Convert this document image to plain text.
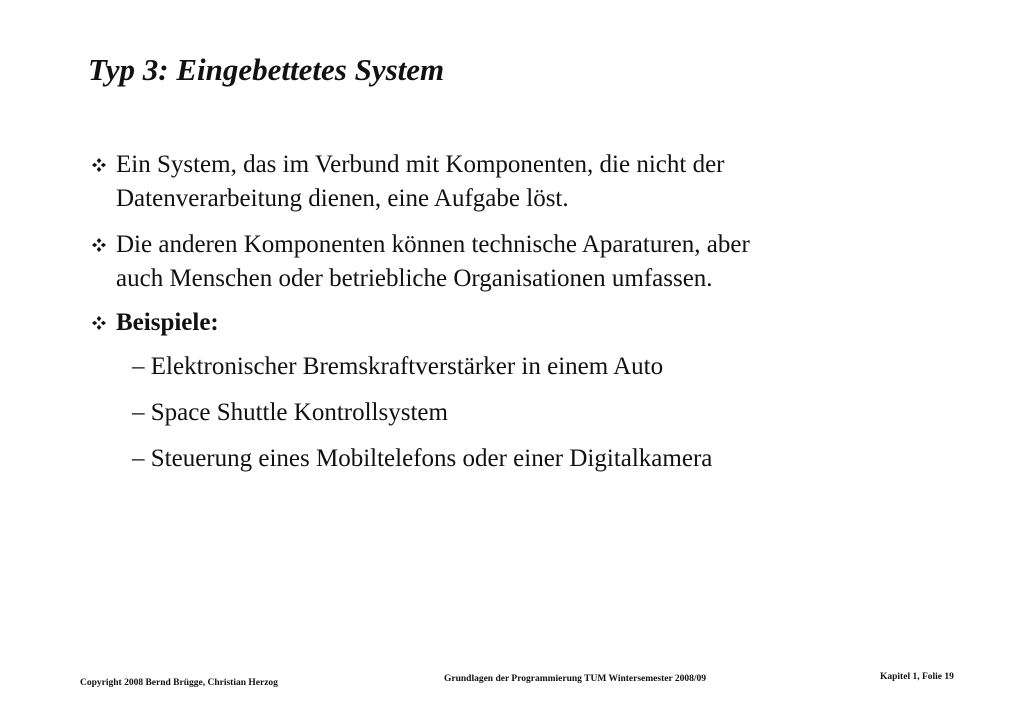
Typ 3: Eingebettetes System
Ein System, das im Verbund mit Komponenten, die nicht der
Datenverarbeitung dienen, eine Aufgabe löst.
Die anderen Komponenten können technische Aparaturen, aber
auch Menschen oder betriebliche Organisationen umfassen.
Beispiele:
– Elektronischer Bremskraftverstärker in einem Auto
– Space Shuttle Kontrollsystem
– Steuerung eines Mobiltelefons oder einer Digitalkamera
Copyright 2008 Bernd Brügge, Christian Herzog	Grundlagen der Programmierung TUM Wintersemester 2008/09	Kapitel 1, Folie 19
